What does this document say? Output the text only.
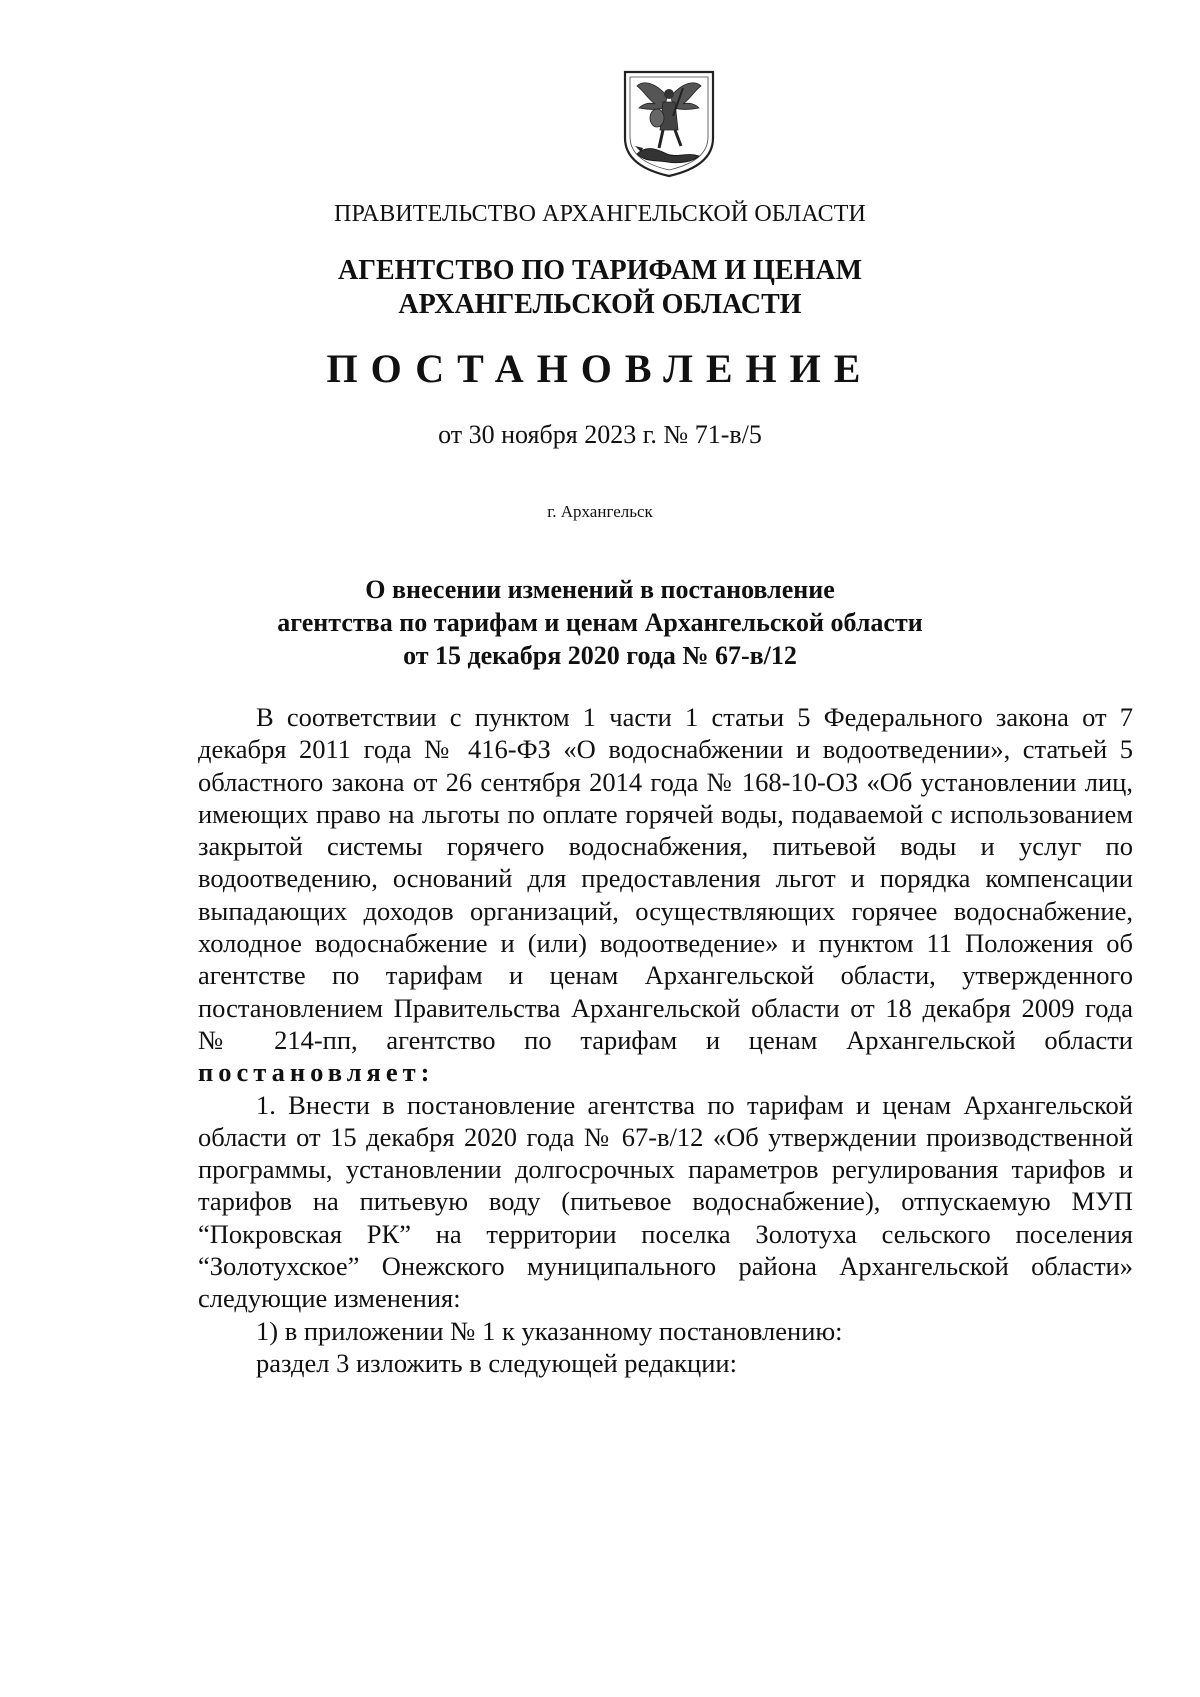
ПРАВИТЕЛЬСТВО АРХАНГЕЛЬСКОЙ ОБЛАСТИ
АГЕНТСТВО ПО ТАРИФАМ И ЦЕНАМ
АРХАНГЕЛЬСКОЙ ОБЛАСТИ
ПОСТАНОВЛЕНИЕ
от 30 ноября 2023 г. № 71-в/5
г. Архангельск
О внесении изменений в постановление
агентства по тарифам и ценам Архангельской области
от 15 декабря 2020 года № 67-в/12

В соответствии с пунктом 1 части 1 статьи 5 Федерального закона от 7 декабря 2011 года № 416-ФЗ «О водоснабжении и водоотведении», статьей 5 областного закона от 26 сентября 2014 года № 168-10-ОЗ «Об установлении лиц, имеющих право на льготы по оплате горячей воды, подаваемой с использованием закрытой системы горячего водоснабжения, питьевой воды и услуг по водоотведению, оснований для предоставления льгот и порядка компенсации выпадающих доходов организаций, осуществляющих горячее водоснабжение, холодное водоснабжение и (или) водоотведение» и пунктом 11 Положения об агентстве по тарифам и ценам Архангельской области, утвержденного постановлением Правительства Архангельской области от 18 декабря 2009 года № 214-пп, агентство по тарифам и ценам Архангельской области постановляет:

1. Внести в постановление агентства по тарифам и ценам Архангельской области от 15 декабря 2020 года № 67-в/12 «Об утверждении производственной программы, установлении долгосрочных параметров регулирования тарифов и тарифов на питьевую воду (питьевое водоснабжение), отпускаемую МУП “Покровская РК” на территории поселка Золотуха сельского поселения “Золотухское” Онежского муниципального района Архангельской области» следующие изменения:

1) в приложении № 1 к указанному постановлению:

раздел 3 изложить в следующей редакции:
